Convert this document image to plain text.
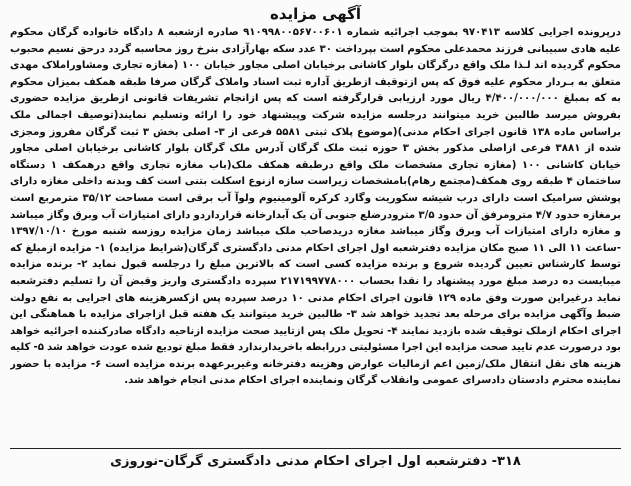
آگهی مزایده
درپرونده اجرایی کلاسه ۹۷۰۴۱۳ بموجب اجرائیه شماره ۹۱۰۹۹۸۰۰۵۶۷۰۰۶۰۱ صادره ازشعبه ۸ دادگاه خانواده گرگان محکوم علیه هادی سبیبانی فرزند محمدعلی محکوم است بپرداخت ۳۰ عدد سکه بهارآزادی بنرخ روز محاسبه گردد درحق نسیم محبوب محکوم گردیده اند لـذا ملک واقع درگرگان بلوار کاشانی برخیابان اصلی مجاور خیابان ۱۰۰ (مغازه تجاری ومشاوراملاک مهدی متعلق به بـردار محکوم علیه فوق که پس ازتوقیف ازطریق آداره ثبت اسناد واملاک گرگان صرفا طبقه همکف بمیزان محکوم به که بمبلغ ۴/۴۰۰/۰۰۰/۰۰۰ ریال مورد ارزیابی قرارگرفته است که پس ازانجام تشریفات قانونی ازطریق مزایده حضوری بفروش میرسد طالبین خرید میتوانند درجلسه مزایده شرکت وپیشنهاد خود را ارائه وتسلیم نمایند(توصیف اجمالی ملک براساس ماده ۱۳۸ قانون اجرای احکام مدنی)(موضوع پلاک ثبتی ۵۵۸۱ فرعی از ۳- اصلی بخش ۳ ثبت گرگان مفروز ومجزی شده از ۳۸۸۱ فرعی ازاصلی مذکور بخش ۳ حوزه ثبت ملک گرگان آدرس ملک گرگان بلوار کاشانی برخیابان اصلی مجاور خیابان کاشانی ۱۰۰ (مغازه تجاری مشخصات ملک واقع درطبقه همکف ملک(باب مغازه تجاری واقع درهمکف ۱ دستگاه ساختمان ۴ طبقه روی همکف(مجتمع رهام)بامشخصات زیراست سازه ازنوع اسکلت بتنی است کف وبدنه داخلی مغازه دارای پوشش سرامیک است دارای درب شیشه سکوریت وگارد کرکره آلومینیوم ولوآ آب برقی است مساحت ۳۵/۱۲ مترمربع است برمغازه حدود ۴/۷ مترومرفق آن حدود ۳/۵ مترودرضلع جنوبی آن یک آبدارخانه قرارداردو دارای امتیازات آب وبرق وگاز میباشد و مغازه دارای امتیازات آب وبرق وگاز میباشد مغازه دریدصاحب ملک میباشد زمان مزایده روزسه شنبه مورخ ۱۳۹۷/۱۰/۱۰ -ساعت ۱۱ الی ۱۱ صبح مکان مزایده دفترشعبه اول اجرای احکام مدنی دادگستری گرگان(شرایط مزایده) ۱- مزایده ازمبلغ که توسط کارشناس تعیین گردیده شروع و برنده مزایده کسی است که بالاترین مبلغ را درجلسه قبول نماید ۲- برنده مزایده میبایست ده درصد مبلغ مورد پیشنهاد را نقدا بحساب ۲۱۷۱۹۹۷۷۸۰۰۰ سپرده دادگستری واریز وقبض آن را تسلیم دفترشعبه نماید درغیراین صورت وفق ماده ۱۲۹ قانون اجرای احکام مدنی ۱۰ درصد سپرده پس ازکسرهزینه های اجرایی به نفع دولت ضبط وآگهی مزایده برای مرحله بعد تجدید خواهد شد ۳- طالبین خرید میتوانند یک هفته قبل ازاجرای مزایده با هماهنگی این اجرای احکام ازملک توقیف شده بازدید نمایند ۴- تحویل ملک پس ازتایید صحت مزایده ازناحیه دادگاه صادرکننده اجرائیه خواهد بود درصورت عدم تایید صحت مزایده این اجرا مسئولیتی دررابطه باخریدارندارد فقط مبلغ تودیع شده عودت خواهد شد ۵- کلیه هزینه های نقل انتقال ملک/زمین اعم ازمالیات عوارض وهزینه دفترخانه وغیربرعهده برنده مزایده است ۶- مزایده با حضور نماینده محترم دادستان دادسرای عمومی وانقلاب گرگان ونماینده اجرای احکام مدنی انجام خواهد شد.
۳۱۸- دفترشعبه اول اجرای احکام مدنی دادگستری گرگان-نوروزی
